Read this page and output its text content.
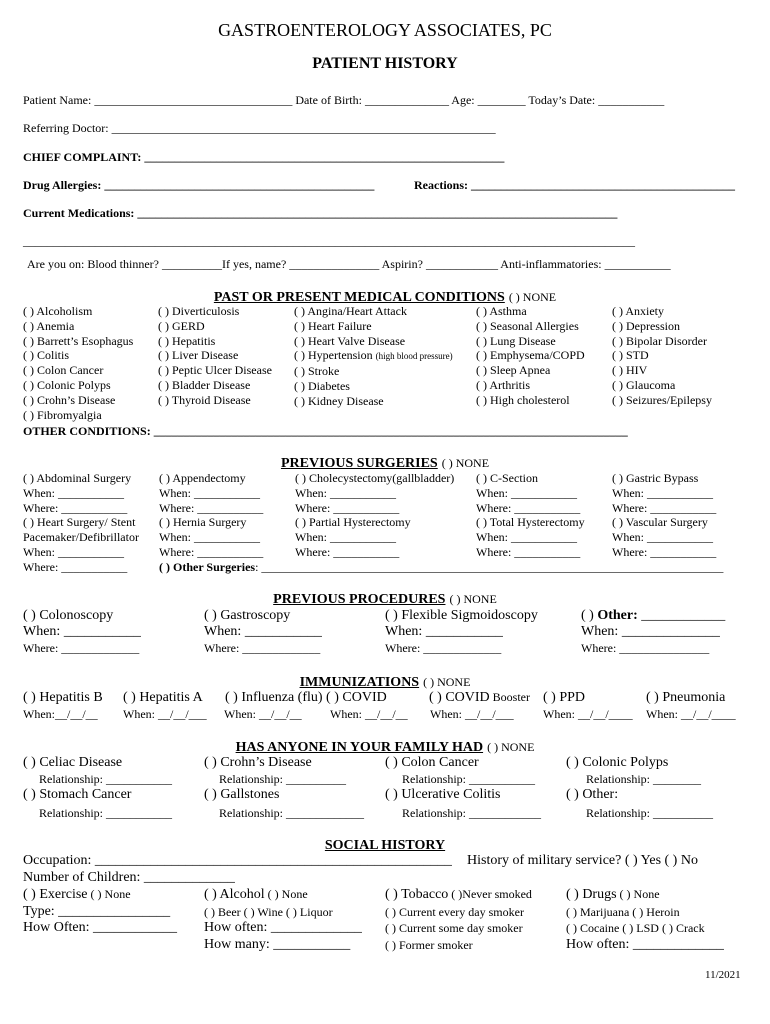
GASTROENTEROLOGY ASSOCIATES, PC
PATIENT HISTORY
Patient Name: _________________________________ Date of Birth: ______________ Age: ________ Today’s Date: ___________
Referring Doctor: ________________________________________________________________
CHIEF COMPLAINT: ____________________________________________________________
Drug Allergies: _____________________________________________	Reactions: ____________________________________________
Current Medications: ________________________________________________________________________________
______________________________________________________________________________________________________
Are you on: Blood thinner? __________If yes, name? _______________ Aspirin? ____________ Anti-inflammatories: ___________
PAST OR PRESENT MEDICAL CONDITIONS ( ) NONE
( ) Alcoholism
( ) Anemia
( ) Barrett’s Esophagus
( ) Colitis
( ) Colon Cancer
( ) Colonic Polyps
( ) Crohn’s Disease
( ) Fibromyalgia
( ) Diverticulosis
( ) GERD
( ) Hepatitis
( ) Liver Disease
( ) Peptic Ulcer Disease
( ) Bladder Disease
( ) Thyroid Disease
( ) Angina/Heart Attack
( ) Heart Failure
( ) Heart Valve Disease
( ) Hypertension (high blood pressure)
( ) Stroke
( ) Diabetes
( ) Kidney Disease
( ) Asthma
( ) Seasonal Allergies
( ) Lung Disease
( ) Emphysema/COPD
( ) Sleep Apnea
( ) Arthritis
( ) High cholesterol
( ) Anxiety
( ) Depression
( ) Bipolar Disorder
( ) STD
( ) HIV
( ) Glaucoma
( ) Seizures/Epilepsy
OTHER CONDITIONS: _______________________________________________________________________________
PREVIOUS SURGERIES ( ) NONE
( ) Abdominal Surgery
When: ___________
Where: ___________
( ) Heart Surgery/ Stent
Pacemaker/Defibrillator
When: ___________
Where: ___________
( ) Appendectomy
When: ___________
Where: ___________
( ) Hernia Surgery
When: ___________
Where: ___________
( ) Other Surgeries: _____________________________________________________________________________
( ) Cholecystectomy(gallbladder)
When: ___________
Where: ___________
( ) Partial Hysterectomy
When: ___________
Where: ___________
( ) C-Section
When: ___________
Where: ___________
( ) Total Hysterectomy
When: ___________
Where: ___________
( ) Gastric Bypass
When: ___________
Where: ___________
( ) Vascular Surgery
When: ___________
Where: ___________
PREVIOUS PROCEDURES ( ) NONE
( ) Colonoscopy
When: ___________
Where: _____________
( ) Gastroscopy
When: ___________
Where: _____________
( ) Flexible Sigmoidoscopy
When: ___________
Where: _____________
( ) Other: ____________
When: ______________
Where: _______________
IMMUNIZATIONS ( ) NONE
( ) Hepatitis B
When:__/__/__
( ) Hepatitis A
When: __/__/___
( ) Influenza (flu) ( ) COVID
When: __/__/__ When: __/__/__
( ) COVID Booster
When: __/__/___
( ) PPD
When: __/__/____
( ) Pneumonia
When: __/__/____
HAS ANYONE IN YOUR FAMILY HAD ( ) NONE
( ) Celiac Disease
Relationship: ___________
( ) Crohn’s Disease
Relationship: __________
( ) Colon Cancer
Relationship: ___________
( ) Colonic Polyps
Relationship: ________
( ) Stomach Cancer
Relationship: ___________
( ) Gallstones
Relationship: _____________
( ) Ulcerative Colitis
Relationship: ____________
( ) Other:
Relationship: __________
SOCIAL HISTORY
Occupation: ___________________________________________________ History of military service? ( ) Yes ( ) No
Number of Children: _____________
( ) Exercise ( ) None
Type: ________________
How Often: ____________
( ) Alcohol ( ) None
( ) Beer ( ) Wine ( ) Liquor
How often: _____________
How many: ___________
( ) Tobacco ( )Never smoked
( ) Current every day smoker
( ) Current some day smoker
( ) Former smoker
( ) Drugs ( ) None
( ) Marijuana ( ) Heroin
( ) Cocaine ( ) LSD ( ) Crack
How often: _____________
11/2021
